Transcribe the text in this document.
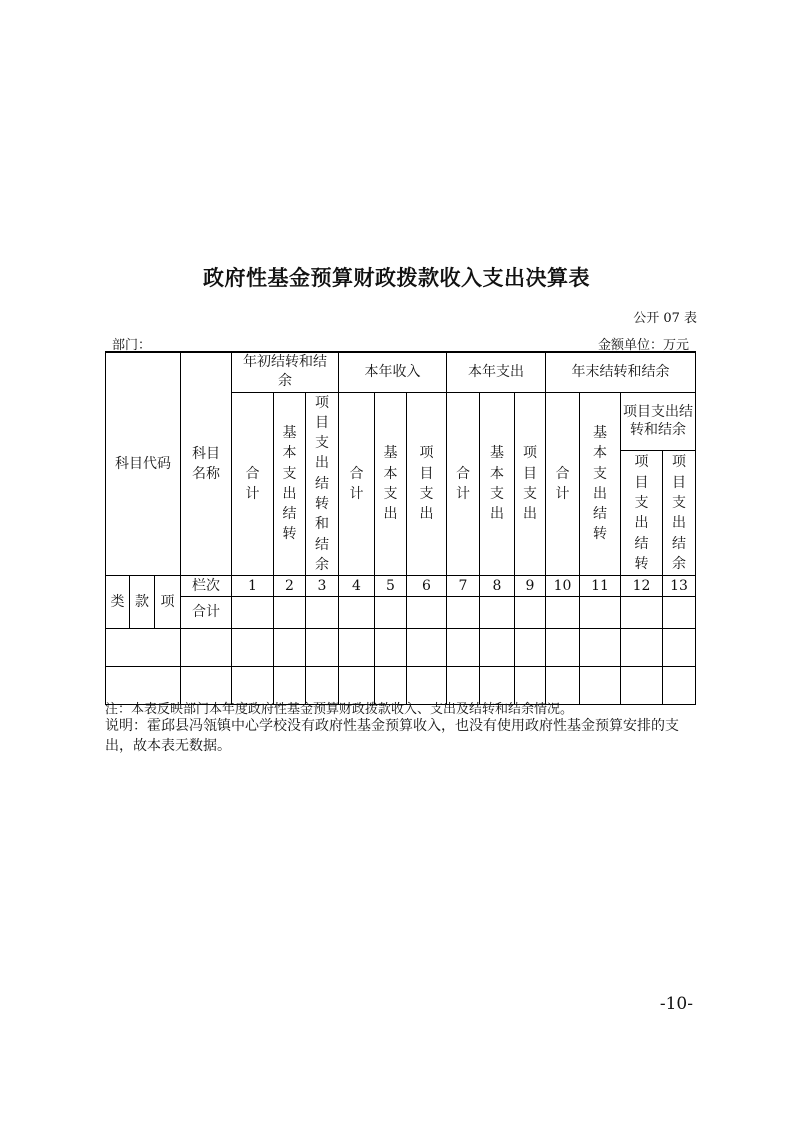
政府性基金预算财政拨款收入支出决算表
公开 07 表
部门：	金额单位：万元
科目代码			科目名称	年初结转和结余			本年收入			本年支出			年末结转和结余			
				合计	基本支出结转	项目支出结转和结余	合计	基本支出	项目支出	合计	基本支出	项目支出	合计	基本支出结转	项目支出结转和结余	
															项目支出结转	项目支出结余
类	款	项	栏次	1	2	3	4	5	6	7	8	9	10	11	12	13
			合计													

注：本表反映部门本年度政府性基金预算财政拨款收入、支出及结转和结余情况。
说明：霍邱县冯瓴镇中心学校没有政府性基金预算收入，也没有使用政府性基金预算安排的支出，故本表无数据。
-10-
